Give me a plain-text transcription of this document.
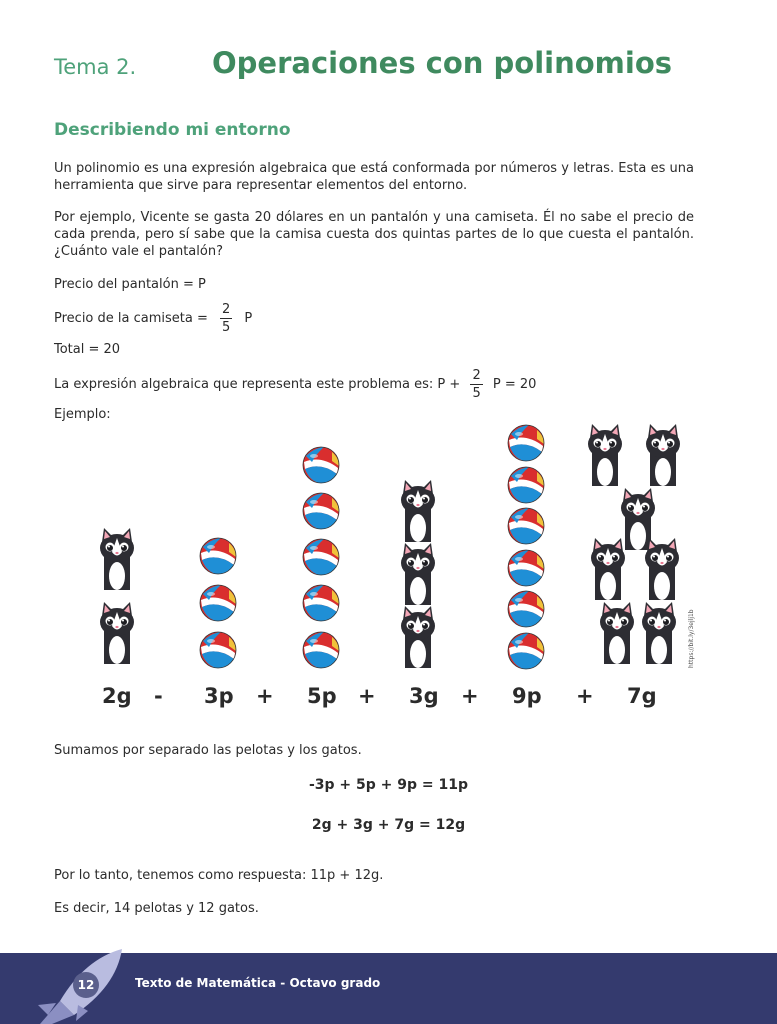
Tema 2.	Operaciones con polinomios
Describiendo mi entorno
Un polinomio es una expresión algebraica que está conformada por números y letras. Esta es una herramienta que sirve para representar elementos del entorno.
Por ejemplo, Vicente se gasta 20 dólares en un pantalón y una camiseta. Él no sabe el precio de cada prenda, pero sí sabe que la camisa cuesta dos quintas partes de lo que cuesta el pantalón. ¿Cuánto vale el pantalón?
Precio del pantalón = P
Precio de la camiseta = $\frac{2}{5}$ P
Total = 20
La expresión algebraica que representa este problema es: $P + \frac{2}{5}$ P = 20
Ejemplo:
https://bit.ly/3ejlj1b
2g - 3p + 5p + 3g + 9p + 7g
Sumamos por separado las pelotas y los gatos.
-3p + 5p + 9p = 11p
2g + 3g + 7g = 12g
Por lo tanto, tenemos como respuesta: 11p + 12g.
Es decir, 14 pelotas y 12 gatos.
12	Texto de Matemática - Octavo grado
